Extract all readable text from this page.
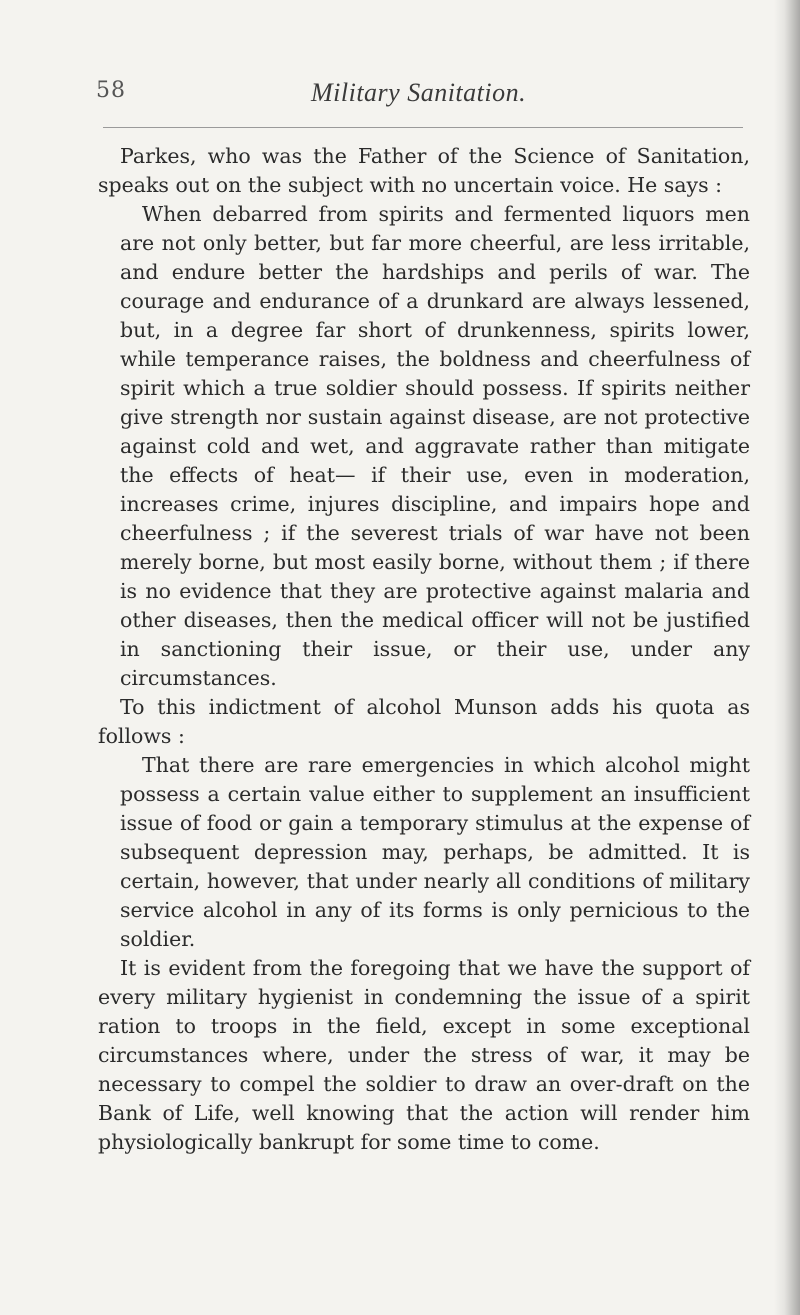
58	Military Sanitation.

Parkes, who was the Father of the Science of Sanitation, speaks out on the subject with no uncertain voice. He says :

When debarred from spirits and fermented liquors men are not only better, but far more cheerful, are less irritable, and endure better the hardships and perils of war. The courage and endurance of a drunkard are always lessened, but, in a degree far short of drunkenness, spirits lower, while temperance raises, the boldness and cheerfulness of spirit which a true soldier should possess. If spirits neither give strength nor sustain against disease, are not protective against cold and wet, and aggravate rather than mitigate the effects of heat— if their use, even in moderation, increases crime, injures discipline, and impairs hope and cheerfulness ; if the severest trials of war have not been merely borne, but most easily borne, without them ; if there is no evidence that they are protective against malaria and other diseases, then the medical officer will not be justified in sanctioning their issue, or their use, under any circumstances.

To this indictment of alcohol Munson adds his quota as follows :

That there are rare emergencies in which alcohol might possess a certain value either to supplement an insufficient issue of food or gain a temporary stimulus at the expense of subsequent depression may, perhaps, be admitted. It is certain, however, that under nearly all conditions of military service alcohol in any of its forms is only pernicious to the soldier.

It is evident from the foregoing that we have the support of every military hygienist in condemning the issue of a spirit ration to troops in the field, except in some exceptional circumstances where, under the stress of war, it may be necessary to compel the soldier to draw an over-draft on the Bank of Life, well knowing that the action will render him physiologically bankrupt for some time to come.
